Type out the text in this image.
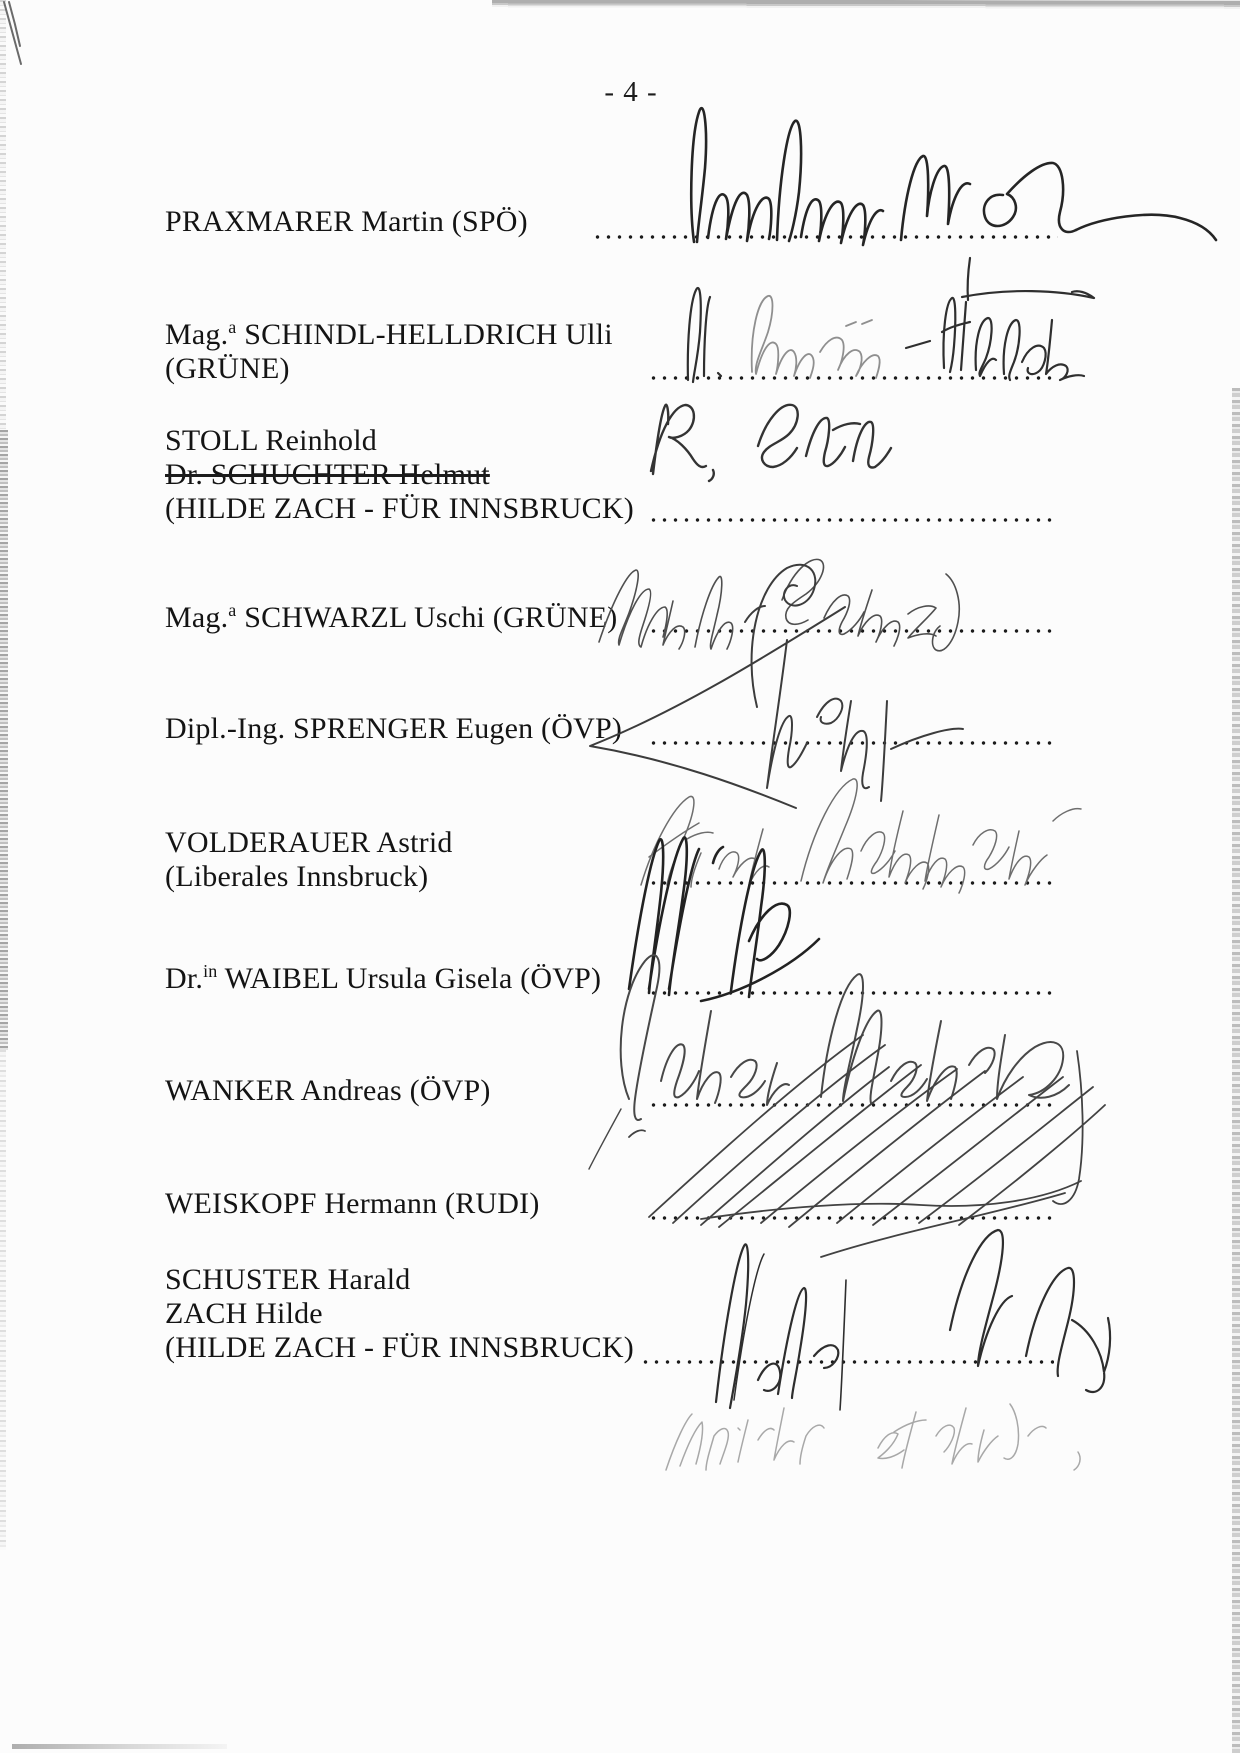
- 4 -
PRAXMARER Martin (SPÖ)
Mag.$^a$ SCHINDL-HELLDRICH Ulli
(GRÜNE)
STOLL Reinhold
Dr. SCHUCHTER Helmut
(HILDE ZACH - FÜR INNSBRUCK)
Mag.$^a$ SCHWARZL Uschi (GRÜNE)
Dipl.-Ing. SPRENGER Eugen (ÖVP)
VOLDERAUER Astrid
(Liberales Innsbruck)
Dr.$^{in}$ WAIBEL Ursula Gisela (ÖVP)
WANKER Andreas (ÖVP)
WEISKOPF Hermann (RUDI)
SCHUSTER Harald
ZACH Hilde
(HILDE ZACH - FÜR INNSBRUCK)
